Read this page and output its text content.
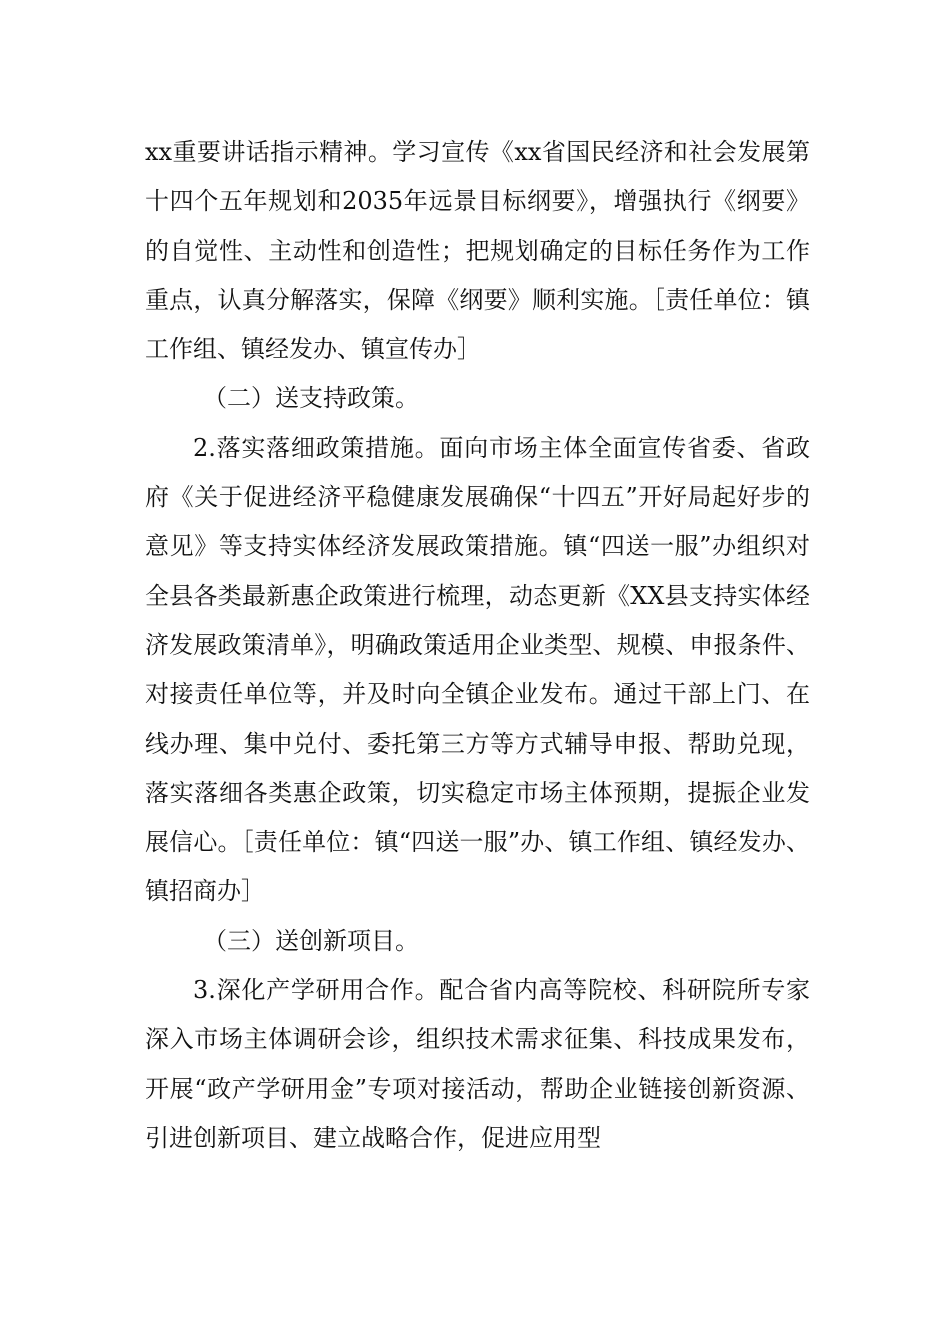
xx重要讲话指示精神。学习宣传《xx省国民经济和社会发展第十四个五年规划和2035年远景目标纲要》，增强执行《纲要》的自觉性、主动性和创造性；把规划确定的目标任务作为工作重点，认真分解落实，保障《纲要》顺利实施。［责任单位：镇工作组、镇经发办、镇宣传办］

（二）送支持政策。

2.落实落细政策措施。面向市场主体全面宣传省委、省政府《关于促进经济平稳健康发展确保“十四五”开好局起好步的意见》等支持实体经济发展政策措施。镇“四送一服”办组织对全县各类最新惠企政策进行梳理，动态更新《XX县支持实体经济发展政策清单》，明确政策适用企业类型、规模、申报条件、对接责任单位等，并及时向全镇企业发布。通过干部上门、在线办理、集中兑付、委托第三方等方式辅导申报、帮助兑现，落实落细各类惠企政策，切实稳定市场主体预期，提振企业发展信心。［责任单位：镇“四送一服”办、镇工作组、镇经发办、镇招商办］

（三）送创新项目。

3.深化产学研用合作。配合省内高等院校、科研院所专家深入市场主体调研会诊，组织技术需求征集、科技成果发布，开展“政产学研用金”专项对接活动，帮助企业链接创新资源、引进创新项目、建立战略合作，促进应用型
